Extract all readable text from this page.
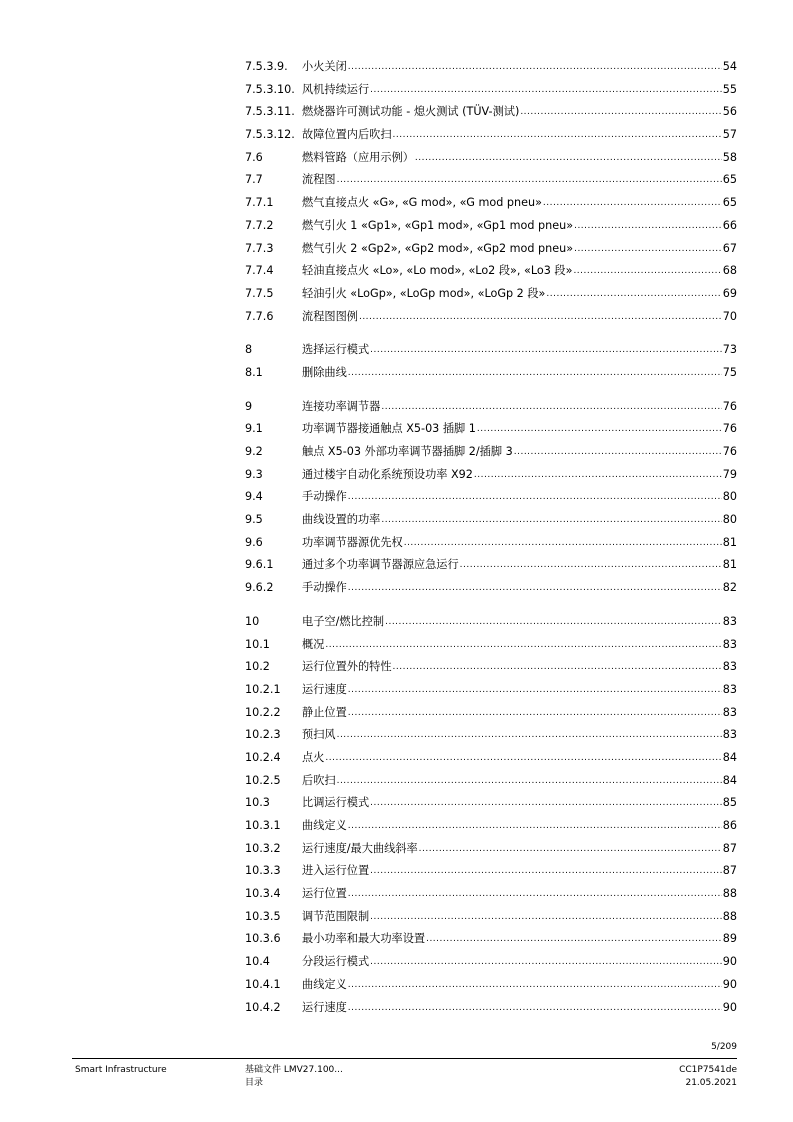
7.5.3.9.	小火关闭 .....	54
7.5.3.10. 风机持续运行 .....	55
7.5.3.11. 燃烧器许可测试功能 - 熄火测试 (TÜV-测试) .....	56
7.5.3.12. 故障位置内后吹扫 .....	57
7.6	燃料管路（应用示例） .....	58
7.7	流程图 .....	65
7.7.1	燃气直接点火 «G», «G mod», «G mod pneu» .....	65
7.7.2	燃气引火 1 «Gp1», «Gp1 mod», «Gp1 mod pneu» .....	66
7.7.3	燃气引火 2 «Gp2», «Gp2 mod», «Gp2 mod pneu» .....	67
7.7.4	轻油直接点火 «Lo», «Lo mod», «Lo2 段», «Lo3 段» .....	68
7.7.5	轻油引火 «LoGp», «LoGp mod», «LoGp 2 段» .....	69
7.7.6	流程图图例 .....	70
8	选择运行模式 .....	73
8.1	删除曲线 .....	75
9	连接功率调节器 .....	76
9.1	功率调节器接通触点 X5-03 插脚 1 .....	76
9.2	触点 X5-03 外部功率调节器插脚 2/插脚 3 .....	76
9.3	通过楼宇自动化系统预设功率 X92 .....	79
9.4	手动操作 .....	80
9.5	曲线设置的功率 .....	80
9.6	功率调节器源优先权 .....	81
9.6.1	通过多个功率调节器源应急运行 .....	81
9.6.2	手动操作 .....	82
10	电子空/燃比控制 .....	83
10.1	概况 .....	83
10.2	运行位置外的特性 .....	83
10.2.1	运行速度 .....	83
10.2.2	静止位置 .....	83
10.2.3	预扫风 .....	83
10.2.4	点火 .....	84
10.2.5	后吹扫 .....	84
10.3	比调运行模式 .....	85
10.3.1	曲线定义 .....	86
10.3.2	运行速度/最大曲线斜率 .....	87
10.3.3	进入运行位置 .....	87
10.3.4	运行位置 .....	88
10.3.5	调节范围限制 .....	88
10.3.6	最小功率和最大功率设置 .....	89
10.4	分段运行模式 .....	90
10.4.1	曲线定义 .....	90
10.4.2	运行速度 .....	90
5/209
Smart Infrastructure	基础文件 LMV27.100...
目录
CC1P7541de
21.05.2021
